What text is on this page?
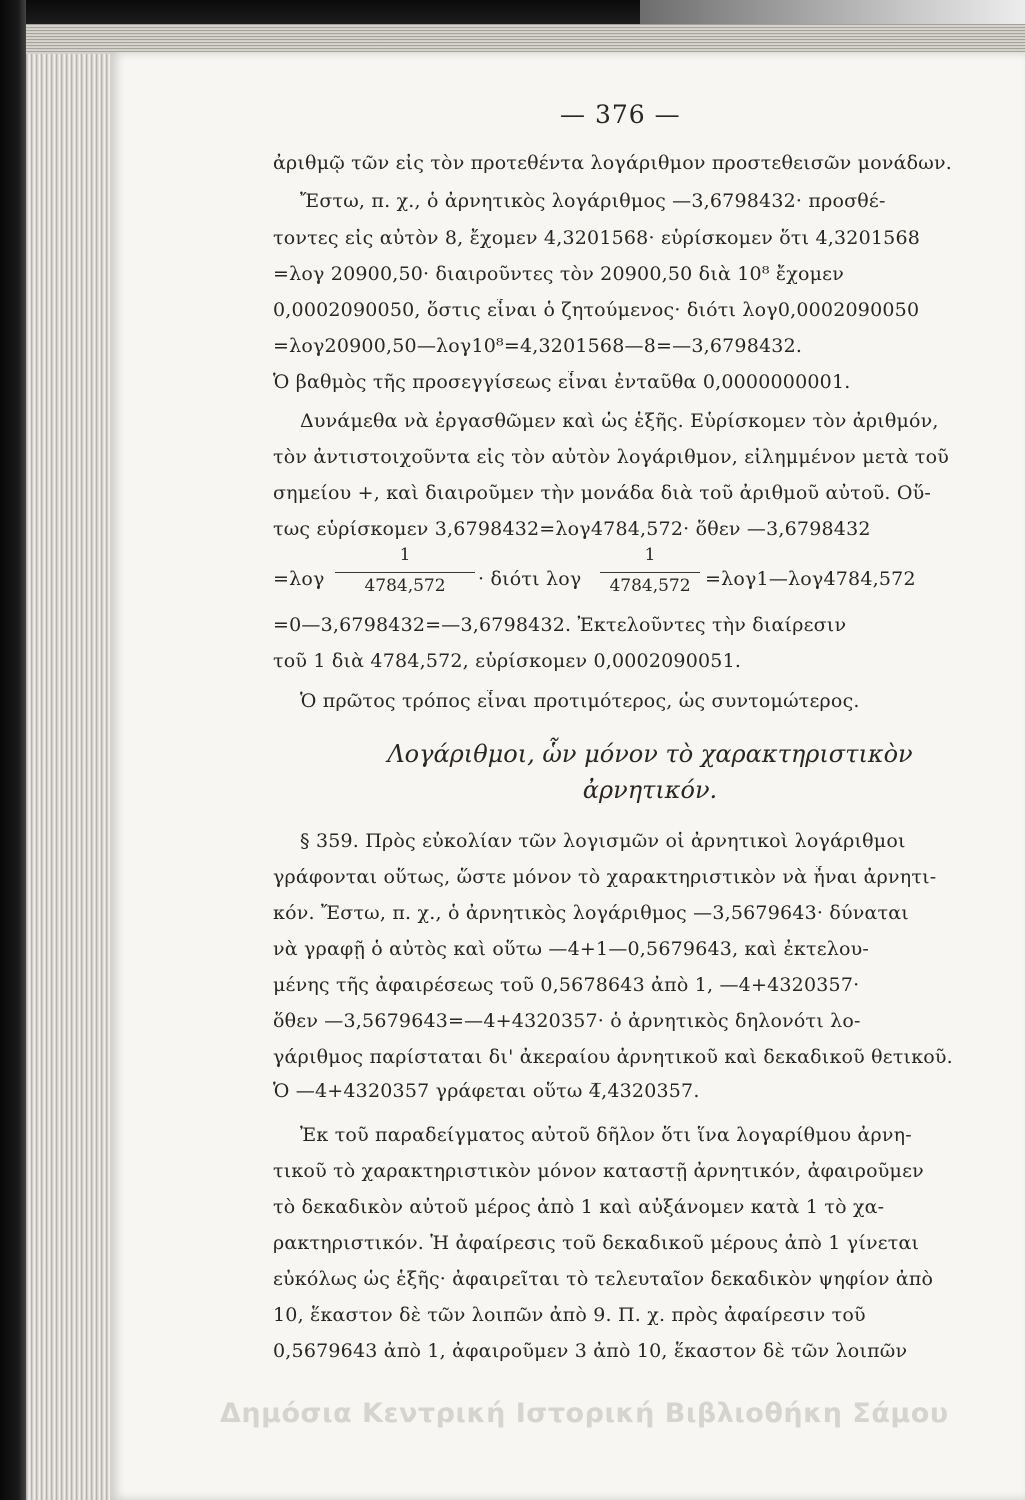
— 376 —
ἀριθμῷ τῶν εἰς τὸν προτεθέντα λογάριθμον προστεθεισῶν μονάδων.
Ἔστω, π. χ., ὁ ἀρνητικὸς λογάριθμος —3,6798432· προσθέ-
τοντες εἰς αὐτὸν 8, ἔχομεν 4,3201568· εὑρίσκομεν ὅτι 4,3201568
=λογ 20900,50· διαιροῦντες τὸν 20900,50 διὰ 10⁸ ἔχομεν
0,0002090050, ὅστις εἶναι ὁ ζητούμενος· διότι λογ0,0002090050
=λογ20900,50—λογ10⁸=4,3201568—8=—3,6798432.
Ὁ βαθμὸς τῆς προσεγγίσεως εἶναι ἐνταῦθα 0,0000000001.
Δυνάμεθα νὰ ἐργασθῶμεν καὶ ὡς ἑξῆς. Εὑρίσκομεν τὸν ἀριθμόν,
τὸν ἀντιστοιχοῦντα εἰς τὸν αὐτὸν λογάριθμον, εἰλημμένον μετὰ τοῦ
σημείου +, καὶ διαιροῦμεν τὴν μονάδα διὰ τοῦ ἀριθμοῦ αὐτοῦ. Οὕ-
τως εὑρίσκομεν 3,6798432=λογ4784,572· ὅθεν —3,6798432
=λογ
1
4784,572	· διότι λογ
1
4784,572 =λογ1—λογ4784,572
=0—3,6798432=—3,6798432. Ἐκτελοῦντες τὴν διαίρεσιν
τοῦ 1 διὰ 4784,572, εὑρίσκομεν 0,0002090051.
Ὁ πρῶτος τρόπος εἶναι προτιμότερος, ὡς συντομώτερος.
Λογάριθμοι, ὧν μόνον τὸ χαρακτηριστικὸν
ἀρνητικόν.
§ 359. Πρὸς εὐκολίαν τῶν λογισμῶν οἱ ἀρνητικοὶ λογάριθμοι
γράφονται οὕτως, ὥστε μόνον τὸ χαρακτηριστικὸν νὰ ἦναι ἀρνητι-
κόν. Ἔστω, π. χ., ὁ ἀρνητικὸς λογάριθμος —3,5679643· δύναται
νὰ γραφῇ ὁ αὐτὸς καὶ οὕτω —4+1—0,5679643, καὶ ἐκτελου-
μένης τῆς ἀφαιρέσεως τοῦ 0,5678643 ἀπὸ 1, —4+4320357·
ὅθεν —3,5679643=—4+4320357· ὁ ἀρνητικὸς δηλονότι λο-
γάριθμος παρίσταται δι' ἀκεραίου ἀρνητικοῦ καὶ δεκαδικοῦ θετικοῦ.
Ὁ —4+4320357 γράφεται οὕτω 4̅,4320357.
Ἐκ τοῦ παραδείγματος αὐτοῦ δῆλον ὅτι ἵνα λογαρίθμου ἀρνη-
τικοῦ τὸ χαρακτηριστικὸν μόνον καταστῇ ἀρνητικόν, ἀφαιροῦμεν
τὸ δεκαδικὸν αὐτοῦ μέρος ἀπὸ 1 καὶ αὐξάνομεν κατὰ 1 τὸ χα-
ρακτηριστικόν. Ἡ ἀφαίρεσις τοῦ δεκαδικοῦ μέρους ἀπὸ 1 γίνεται
εὐκόλως ὡς ἑξῆς· ἀφαιρεῖται τὸ τελευταῖον δεκαδικὸν ψηφίον ἀπὸ
10, ἕκαστον δὲ τῶν λοιπῶν ἀπὸ 9. Π. χ. πρὸς ἀφαίρεσιν τοῦ
0,5679643 ἀπὸ 1, ἀφαιροῦμεν 3 ἀπὸ 10, ἕκαστον δὲ τῶν λοιπῶν
Δημόσια Κεντρική Ιστορική Βιβλιοθήκη Σάμου
